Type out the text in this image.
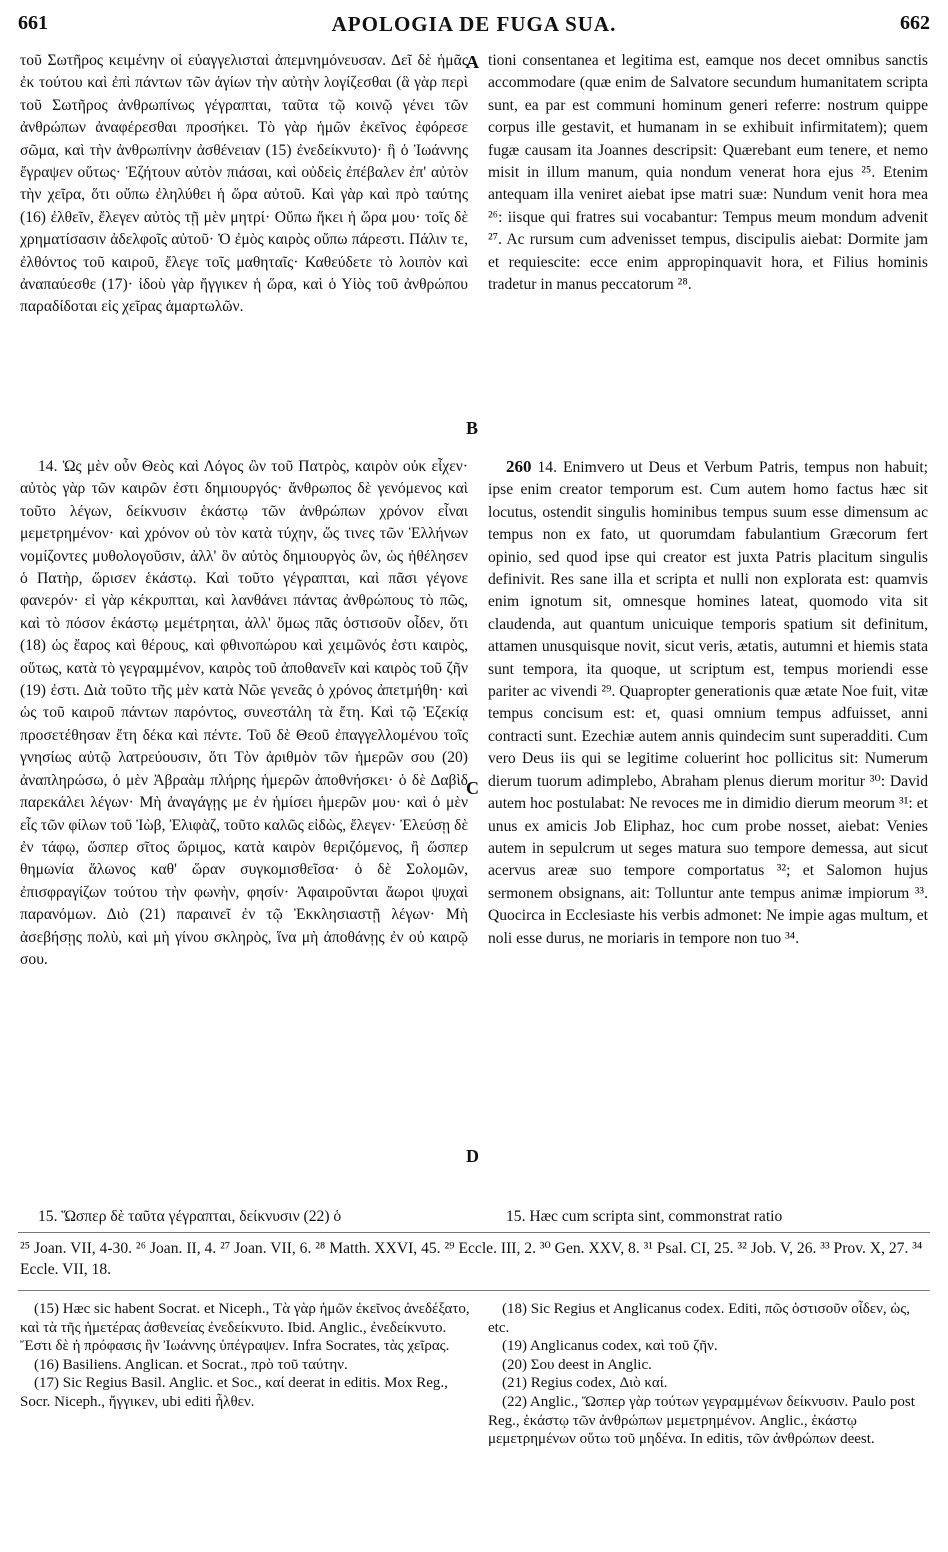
661	APOLOGIA DE FUGA SUA.	662

τοῦ Σωτῆρος κειμένην οἱ εὐαγγελισταὶ ἀπεμνημόνευσαν. Δεῖ δὲ ἡμᾶς ἐκ τούτου καὶ ἐπὶ πάντων τῶν ἁγίων τὴν αὐτὴν λογίζεσθαι (ἃ γὰρ περὶ τοῦ Σωτῆρος ἀνθρωπίνως γέγραπται, ταῦτα τῷ κοινῷ γένει τῶν ἀνθρώπων ἀναφέρεσθαι προσήκει. Τὸ γὰρ ἡμῶν ἐκεῖνος ἐφόρεσε σῶμα, καὶ τὴν ἀνθρωπίνην ἀσθένειαν (15) ἐνεδείκνυτο)· ἣ ὁ Ἰωάννης ἔγραψεν οὕτως· Ἐζήτουν αὐτὸν πιάσαι, καὶ οὐδεὶς ἐπέβαλεν ἐπ' αὐτὸν τὴν χεῖρα, ὅτι οὔπω ἐληλύθει ἡ ὥρα αὐτοῦ. Καὶ γὰρ καὶ πρὸ ταύτης (16) ἐλθεῖν, ἔλεγεν αὐτὸς τῇ μὲν μητρί· Οὔπω ἥκει ἡ ὥρα μου· τοῖς δὲ χρηματίσασιν ἀδελφοῖς αὐτοῦ· Ὁ ἐμὸς καιρὸς οὔπω πάρεστι. Πάλιν τε, ἐλθόντος τοῦ καιροῦ, ἔλεγε τοῖς μαθηταῖς· Καθεύδετε τὸ λοιπὸν καὶ ἀναπαύεσθε (17)· ἰδοὺ γὰρ ἤγγικεν ἡ ὥρα, καὶ ὁ Υἱὸς τοῦ ἀνθρώπου παραδίδοται εἰς χεῖρας ἁμαρτωλῶν.

tioni consentanea et legitima est, eamque nos decet omnibus sanctis accommodare (quæ enim de Salvatore secundum humanitatem scripta sunt, ea par est communi hominum generi referre: nostrum quippe corpus ille gestavit, et humanam in se exhibuit infirmitatem); quem fugæ causam ita Joannes descripsit: Quærebant eum tenere, et nemo misit in illum manum, quia nondum venerat hora ejus ²⁵. Etenim antequam illa veniret aiebat ipse matri suæ: Nundum venit hora mea ²⁶: iisque qui fratres sui vocabantur: Tempus meum mondum advenit ²⁷. Ac rursum cum advenisset tempus, discipulis aiebat: Dormite jam et requiescite: ecce enim appropinquavit hora, et Filius hominis tradetur in manus peccatorum ²⁸.

A
B
C
D

14. Ὡς μὲν οὖν Θεὸς καὶ Λόγος ὢν τοῦ Πατρὸς, καιρὸν οὐκ εἶχεν· αὐτὸς γὰρ τῶν καιρῶν ἐστι δημιουργός· ἄνθρωπος δὲ γενόμενος καὶ τοῦτο λέγων, δείκνυσιν ἑκάστῳ τῶν ἀνθρώπων χρόνον εἶναι μεμετρημένον· καὶ χρόνον οὐ τὸν κατὰ τύχην, ὥς τινες τῶν Ἑλλήνων νομίζοντες μυθολογοῦσιν, ἀλλ' ὃν αὐτὸς δημιουργὸς ὢν, ὡς ἠθέλησεν ὁ Πατὴρ, ὥρισεν ἑκάστῳ. Καὶ τοῦτο γέγραπται, καὶ πᾶσι γέγονε φανερόν· εἰ γὰρ κέκρυπται, καὶ λανθάνει πάντας ἀνθρώπους τὸ πῶς, καὶ τὸ πόσον ἑκάστῳ μεμέτρηται, ἀλλ' ὅμως πᾶς ὁστισοῦν οἶδεν, ὅτι (18) ὡς ἔαρος καὶ θέρους, καὶ φθινοπώρου καὶ χειμῶνός ἐστι καιρὸς, οὕτως, κατὰ τὸ γεγραμμένον, καιρὸς τοῦ ἀποθανεῖν καὶ καιρὸς τοῦ ζῆν (19) ἐστι. Διὰ τοῦτο τῆς μὲν κατὰ Νῶε γενεᾶς ὁ χρόνος ἀπετμήθη· καὶ ὡς τοῦ καιροῦ πάντων παρόντος, συνεστάλη τὰ ἔτη. Καὶ τῷ Ἐζεκίᾳ προσετέθησαν ἔτη δέκα καὶ πέντε. Τοῦ δὲ Θεοῦ ἐπαγγελλομένου τοῖς γνησίως αὐτῷ λατρεύουσιν, ὅτι Τὸν ἀριθμὸν τῶν ἡμερῶν σου (20) ἀναπληρώσω, ὁ μὲν Ἀβραὰμ πλήρης ἡμερῶν ἀποθνήσκει· ὁ δὲ Δαβὶδ παρεκάλει λέγων· Μὴ ἀναγάγῃς με ἐν ἡμίσει ἡμερῶν μου· καὶ ὁ μὲν εἷς τῶν φίλων τοῦ Ἰὼβ, Ἐλιφὰζ, τοῦτο καλῶς εἰδὼς, ἔλεγεν· Ἐλεύσῃ δὲ ἐν τάφῳ, ὥσπερ σῖτος ὥριμος, κατὰ καιρὸν θεριζόμενος, ἢ ὥσπερ θημωνία ἅλωνος καθ' ὥραν συγκομισθεῖσα· ὁ δὲ Σολομῶν, ἐπισφραγίζων τούτου τὴν φωνὴν, φησίν· Ἀφαιροῦνται ἄωροι ψυχαὶ παρανόμων. Διὸ (21) παραινεῖ ἐν τῷ Ἐκκλησιαστῇ λέγων· Μὴ ἀσεβήσῃς πολὺ, καὶ μὴ γίνου σκληρὸς, ἵνα μὴ ἀποθάνῃς ἐν οὐ καιρῷ σου.

260 14. Enimvero ut Deus et Verbum Patris, tempus non habuit; ipse enim creator temporum est. Cum autem homo factus hæc sit locutus, ostendit singulis hominibus tempus suum esse dimensum ac tempus non ex fato, ut quorumdam fabulantium Græcorum fert opinio, sed quod ipse qui creator est juxta Patris placitum singulis definivit. Res sane illa et scripta et nulli non explorata est: quamvis enim ignotum sit, omnesque homines lateat, quomodo vita sit claudenda, aut quantum unicuique temporis spatium sit definitum, attamen unusquisque novit, sicut veris, ætatis, autumni et hiemis stata sunt tempora, ita quoque, ut scriptum est, tempus moriendi esse pariter ac vivendi ²⁹. Quapropter generationis quæ ætate Noe fuit, vitæ tempus concisum est: et, quasi omnium tempus adfuisset, anni contracti sunt. Ezechiæ autem annis quindecim sunt superadditi. Cum vero Deus iis qui se legitime coluerint hoc pollicitus sit: Numerum dierum tuorum adimplebo, Abraham plenus dierum moritur ³⁰: David autem hoc postulabat: Ne revoces me in dimidio dierum meorum ³¹: et unus ex amicis Job Eliphaz, hoc cum probe nosset, aiebat: Venies autem in sepulcrum ut seges matura suo tempore demessa, aut sicut acervus areæ suo tempore comportatus ³²; et Salomon hujus sermonem obsignans, ait: Tolluntur ante tempus animæ impiorum ³³. Quocirca in Ecclesiaste his verbis admonet: Ne impie agas multum, et noli esse durus, ne moriaris in tempore non tuo ³⁴.

15. Ὥσπερ δὲ ταῦτα γέγραπται, δείκνυσιν (22) ὁ	15. Hæc cum scripta sint, commonstrat ratio
²⁵ Joan. VII, 4-30. ²⁶ Joan. II, 4. ²⁷ Joan. VII, 6. ²⁸ Matth. XXVI, 45. ²⁹ Eccle. III, 2. ³⁰ Gen. XXV, 8. ³¹ Psal. CI, 25. ³² Job. V, 26. ³³ Prov. X, 27. ³⁴ Eccle. VII, 18.

(15) Hæc sic habent Socrat. et Niceph., Τὰ γὰρ ἡμῶν ἐκεῖνος ἀνεδέξατο, καὶ τὰ τῆς ἡμετέρας ἀσθενείας ἐνεδείκνυτο. Ibid. Anglic., ἐνεδείκνυτο. Ἔστι δὲ ἡ πρόφασις ἣν Ἰωάννης ὑπέγραψεν. Infra Socrates, τὰς χεῖρας.

(16) Basiliens. Anglican. et Socrat., πρὸ τοῦ ταύτην.

(17) Sic Regius Basil. Anglic. et Soc., καί deerat in editis. Mox Reg., Socr. Niceph., ἤγγικεν, ubi editi ἦλθεν.

(18) Sic Regius et Anglicanus codex. Editi, πῶς ὁστισοῦν οἶδεν, ὡς, etc.

(19) Anglicanus codex, καὶ τοῦ ζῆν.

(20) Σου deest in Anglic.

(21) Regius codex, Διὸ καί.

(22) Anglic., Ὥσπερ γὰρ τούτων γεγραμμένων δείκνυσιν. Paulo post Reg., ἑκάστῳ τῶν ἀνθρώπων μεμετρημένον. Anglic., ἑκάστῳ μεμετρημένων οὕτω τοῦ μηδένα. In editis, τῶν ἀνθρώπων deest.
